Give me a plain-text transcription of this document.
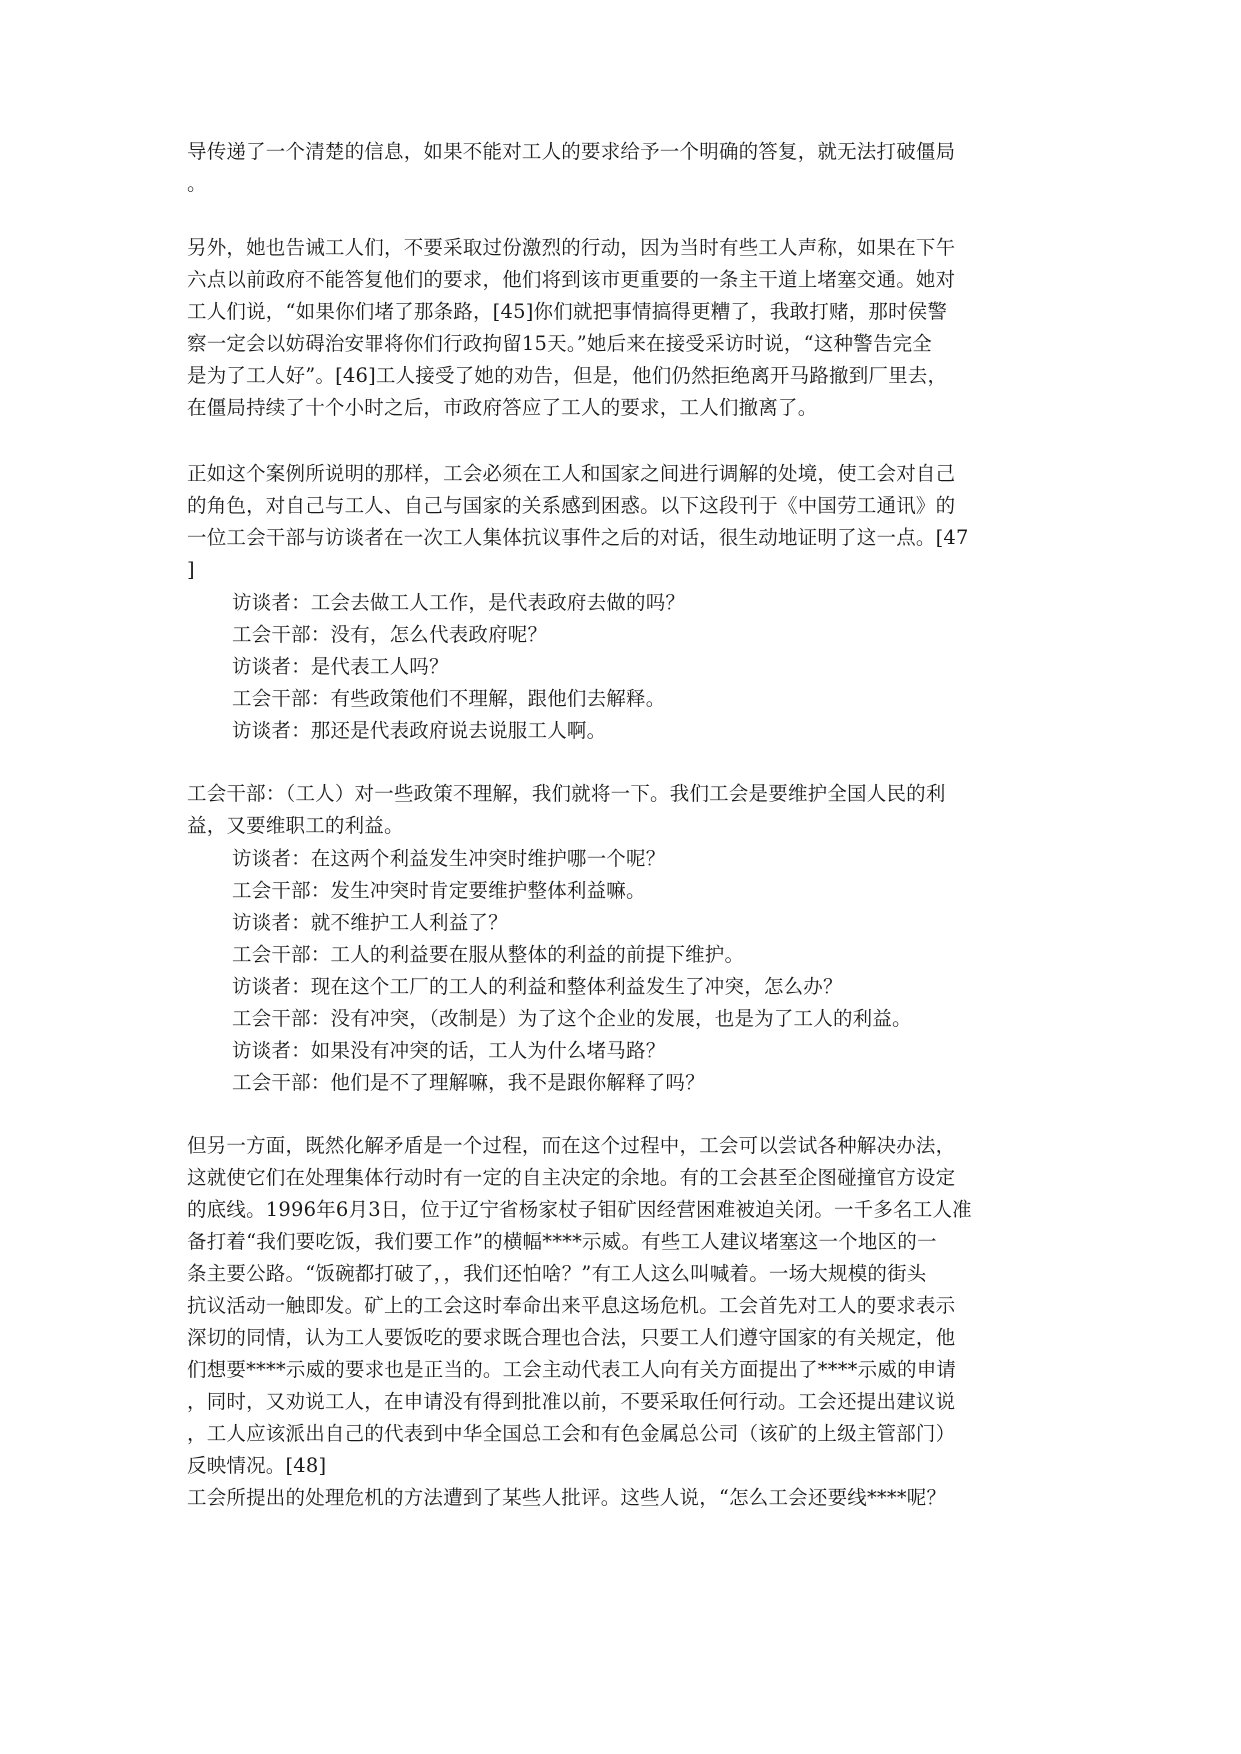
导传递了一个清楚的信息，如果不能对工人的要求给予一个明确的答复，就无法打破僵局
。
另外，她也告诫工人们，不要采取过份激烈的行动，因为当时有些工人声称，如果在下午
六点以前政府不能答复他们的要求，他们将到该市更重要的一条主干道上堵塞交通。她对
工人们说，“如果你们堵了那条路，[45]你们就把事情搞得更糟了，我敢打赌，那时侯警
察一定会以妨碍治安罪将你们行政拘留15天。”她后来在接受采访时说，“这种警告完全
是为了工人好”。[46]工人接受了她的劝告，但是，他们仍然拒绝离开马路撤到厂里去，
在僵局持续了十个小时之后，市政府答应了工人的要求，工人们撤离了。
正如这个案例所说明的那样，工会必须在工人和国家之间进行调解的处境，使工会对自己
的角色，对自己与工人、自己与国家的关系感到困惑。以下这段刊于《中国劳工通讯》的
一位工会干部与访谈者在一次工人集体抗议事件之后的对话，很生动地证明了这一点。[47
]
访谈者：工会去做工人工作，是代表政府去做的吗？
工会干部：没有，怎么代表政府呢？
访谈者：是代表工人吗？
工会干部：有些政策他们不理解，跟他们去解释。
访谈者：那还是代表政府说去说服工人啊。
工会干部：（工人）对一些政策不理解，我们就将一下。我们工会是要维护全国人民的利
益，又要维职工的利益。
访谈者：在这两个利益发生冲突时维护哪一个呢？
工会干部：发生冲突时肯定要维护整体利益嘛。
访谈者：就不维护工人利益了？
工会干部：工人的利益要在服从整体的利益的前提下维护。
访谈者：现在这个工厂的工人的利益和整体利益发生了冲突，怎么办？
工会干部：没有冲突，（改制是）为了这个企业的发展，也是为了工人的利益。
访谈者：如果没有冲突的话，工人为什么堵马路？
工会干部：他们是不了理解嘛，我不是跟你解释了吗？
但另一方面，既然化解矛盾是一个过程，而在这个过程中，工会可以尝试各种解决办法，
这就使它们在处理集体行动时有一定的自主决定的余地。有的工会甚至企图碰撞官方设定
的底线。1996年6月3日，位于辽宁省杨家杖子钼矿因经营困难被迫关闭。一千多名工人准
备打着“我们要吃饭，我们要工作”的横幅****示威。有些工人建议堵塞这一个地区的一
条主要公路。“饭碗都打破了，，我们还怕啥？”有工人这么叫喊着。一场大规模的街头
抗议活动一触即发。矿上的工会这时奉命出来平息这场危机。工会首先对工人的要求表示
深切的同情，认为工人要饭吃的要求既合理也合法，只要工人们遵守国家的有关规定，他
们想要****示威的要求也是正当的。工会主动代表工人向有关方面提出了****示威的申请
，同时，又劝说工人，在申请没有得到批准以前，不要采取任何行动。工会还提出建议说
，工人应该派出自己的代表到中华全国总工会和有色金属总公司（该矿的上级主管部门）
反映情况。[48]
工会所提出的处理危机的方法遭到了某些人批评。这些人说，“怎么工会还要线****呢？
